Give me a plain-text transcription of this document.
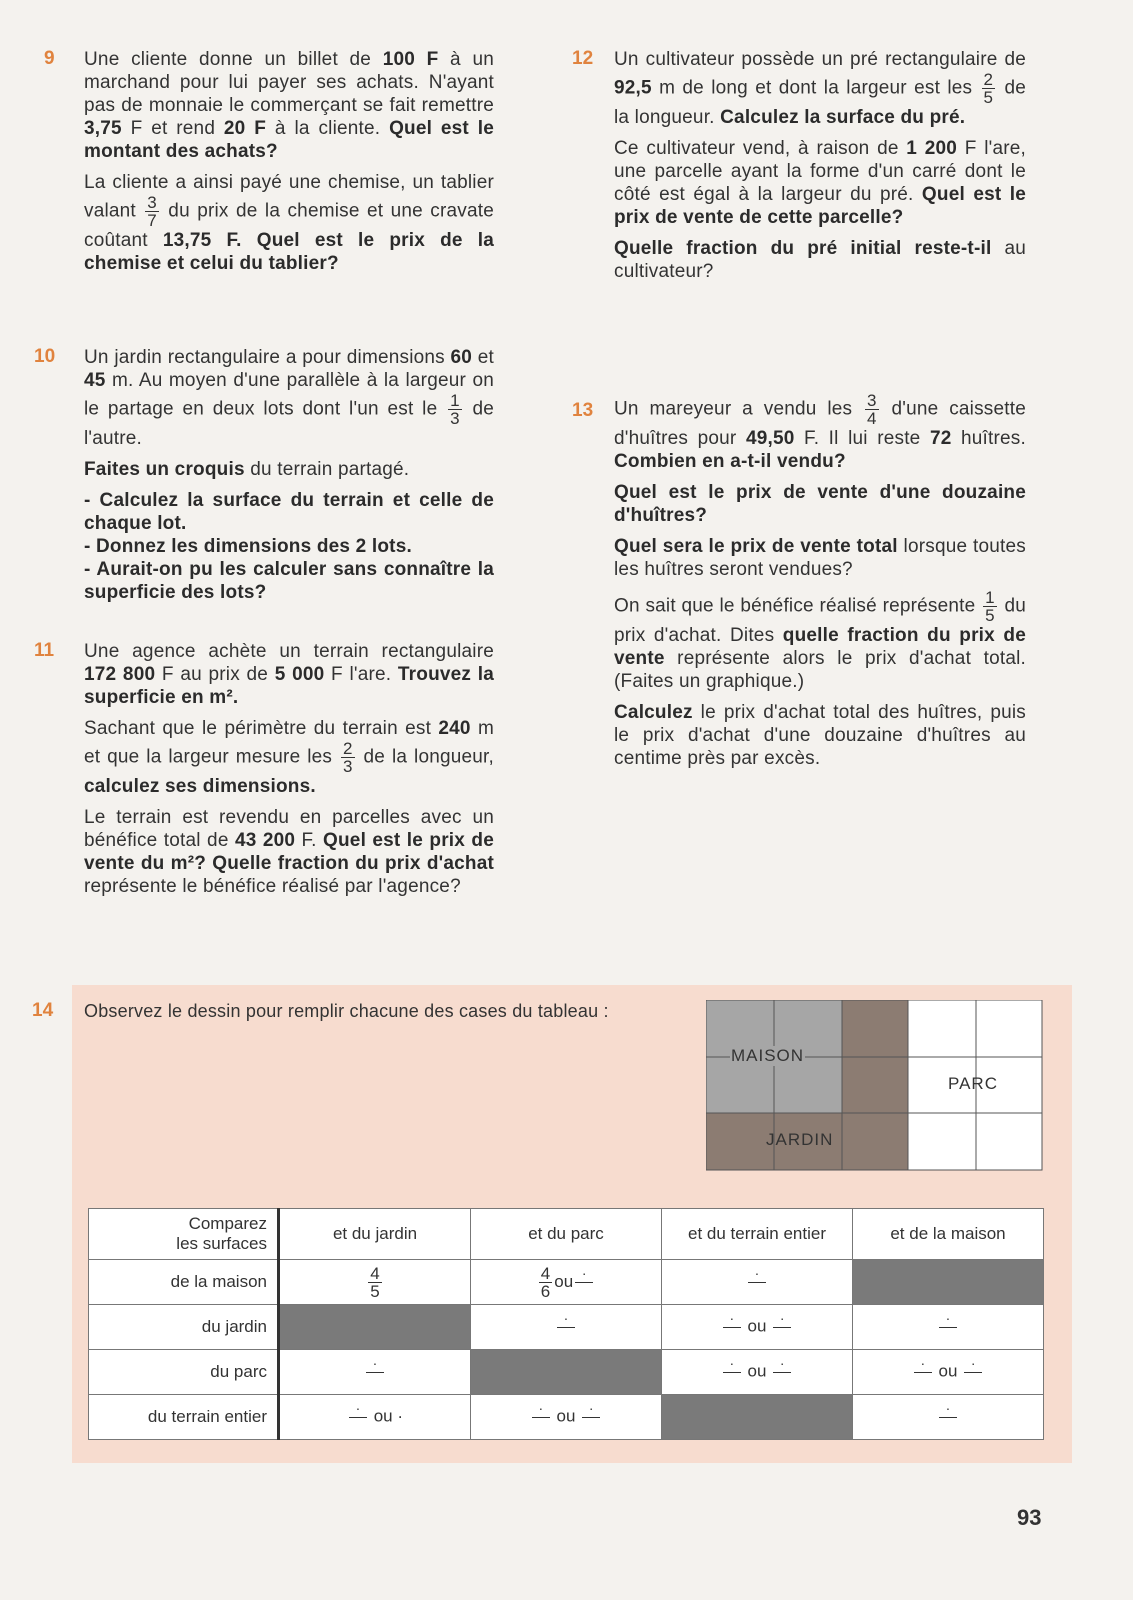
9 Une cliente donne un billet de 100 F à un marchand pour lui payer ses achats. N'ayant pas de monnaie le commerçant se fait remettre 3,75 F et rend 20 F à la cliente. Quel est le montant des achats?

La cliente a ainsi payé une chemise, un tablier valant $\frac{3}{7}$ du prix de la chemise et une cravate coûtant 13,75 F. Quel est le prix de la chemise et celui du tablier?

10 Un jardin rectangulaire a pour dimensions 60 et 45 m. Au moyen d'une parallèle à la largeur on le partage en deux lots dont l'un est le $\frac{1}{3}$ de l'autre.

Faites un croquis du terrain partagé.

- Calculez la surface du terrain et celle de chaque lot.

- Donnez les dimensions des 2 lots.

- Aurait-on pu les calculer sans connaître la superficie des lots?

11 Une agence achète un terrain rectangulaire 172 800 F au prix de 5 000 F l'are. Trouvez la superficie en m².

Sachant que le périmètre du terrain est 240 m et que la largeur mesure les $\frac{2}{3}$ de la longueur, calculez ses dimensions.

Le terrain est revendu en parcelles avec un bénéfice total de 43 200 F. Quel est le prix de vente du m²? Quelle fraction du prix d'achat représente le bénéfice réalisé par l'agence?

12 Un cultivateur possède un pré rectangulaire de 92,5 m de long et dont la largeur est les $\frac{2}{5}$ de la longueur. Calculez la surface du pré.

Ce cultivateur vend, à raison de 1 200 F l'are, une parcelle ayant la forme d'un carré dont le côté est égal à la largeur du pré. Quel est le prix de vente de cette parcelle?

Quelle fraction du pré initial reste-t-il au cultivateur?

13 Un mareyeur a vendu les $\frac{3}{4} d'une$ caissette d'huîtres pour 49,50 F. Il lui reste 72 huîtres. Combien en a-t-il vendu?

Quel est le prix de vente d'une douzaine d'huîtres?

Quel sera le prix de vente total lorsque toutes les huîtres seront vendues?

On sait que le bénéfice réalisé représente $\frac{1}{5}$ du prix d'achat. Dites quelle fraction du prix de vente représente alors le prix d'achat total. (Faites un graphique.)

Calculez le prix d'achat total des huîtres, puis le prix d'achat d'une douzaine d'huîtres au centime près par excès.

14 Observez le dessin pour remplir chacune des cases du tableau :
MAISON
JARDIN
PARC
Comparez
les surfaces	et du jardin	et du parc	et du terrain entier	et de la maison
de la maison	$\frac{4}{5}$	$\frac{4}{6} ou\cdot$	·	
du jardin		·	·ou ·	·
du parc	·		·ou ·	·ou ·
du terrain entier	·ou ·	·ou ·		·
93
